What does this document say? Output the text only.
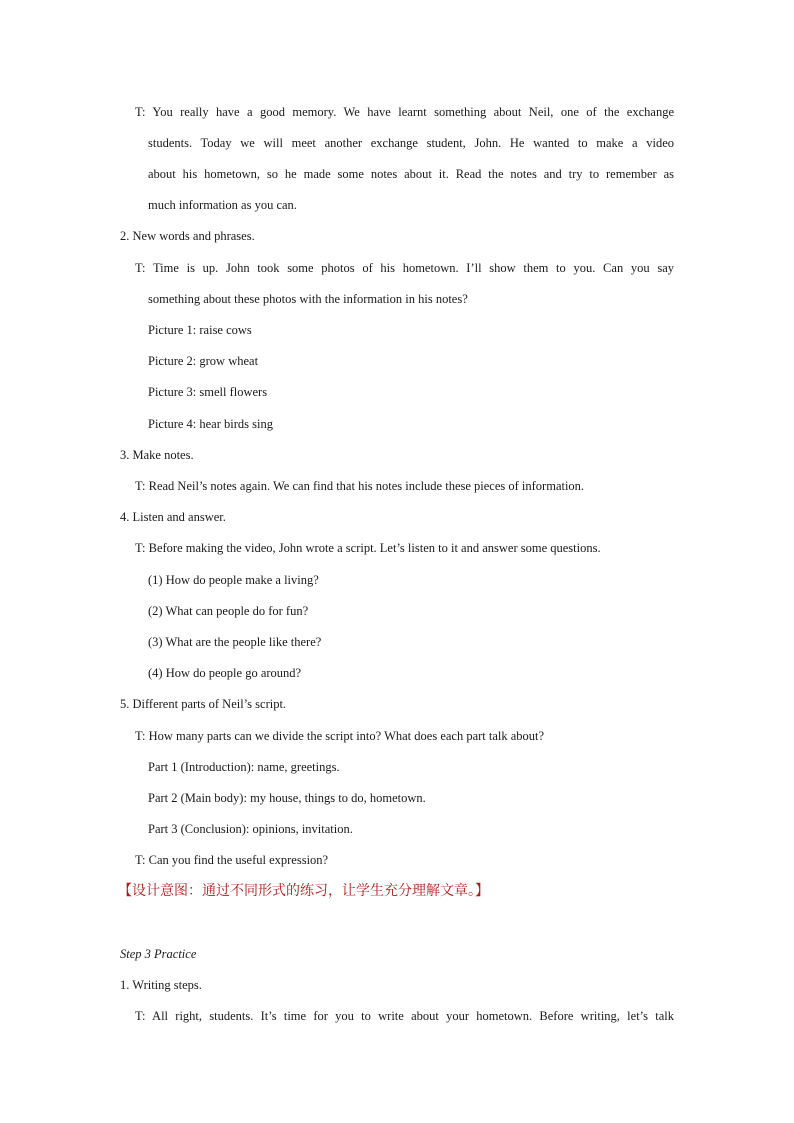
T: You really have a good memory. We have learnt something about Neil, one of the exchange
students. Today we will meet another exchange student, John. He wanted to make a video
about his hometown, so he made some notes about it. Read the notes and try to remember as
much information as you can.
2. New words and phrases.
T: Time is up. John took some photos of his hometown. I’ll show them to you. Can you say
something about these photos with the information in his notes?
Picture 1: raise cows
Picture 2: grow wheat
Picture 3: smell flowers
Picture 4: hear birds sing
3. Make notes.
T: Read Neil’s notes again. We can find that his notes include these pieces of information.
4. Listen and answer.
T: Before making the video, John wrote a script. Let’s listen to it and answer some questions.
(1) How do people make a living?
(2) What can people do for fun?
(3) What are the people like there?
(4) How do people go around?
5. Different parts of Neil’s script.
T: How many parts can we divide the script into? What does each part talk about?
Part 1 (Introduction): name, greetings.
Part 2 (Main body): my house, things to do, hometown.
Part 3 (Conclusion): opinions, invitation.
T: Can you find the useful expression?
【设计意图：通过不同形式的练习，让学生充分理解文章。】
Step 3 Practice
1. Writing steps.
T: All right, students. It’s time for you to write about your hometown. Before writing, let’s talk
